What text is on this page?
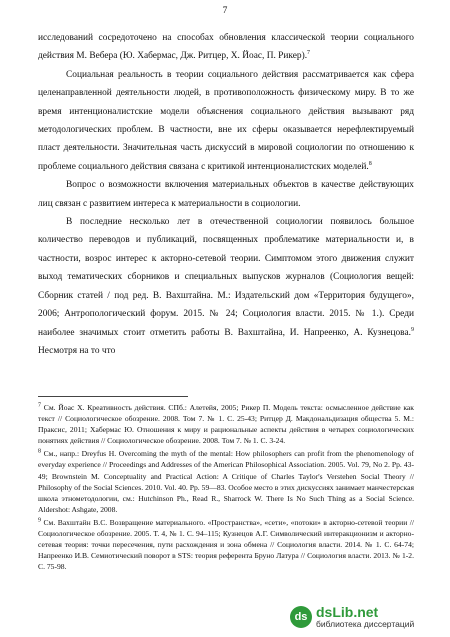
7

исследований сосредоточено на способах обновления классической теории социального действия М. Вебера (Ю. Хабермас, Дж. Ритцер, Х. Йоас, П. Рикер).$^7$

Социальная реальность в теории социального действия рассматривается как сфера целенаправленной деятельности людей, в противоположность физическому миру. В то же время интенционалистские модели объяснения социального действия вызывают ряд методологических проблем. В частности, вне их сферы оказывается нерефлектируемый пласт деятельности. Значительная часть дискуссий в мировой социологии по отношению к проблеме социального действия связана с критикой интенционалистских моделей.$^8$

Вопрос о возможности включения материальных объектов в качестве действующих лиц связан с развитием интереса к материальности в социологии.

В последние несколько лет в отечественной социологии появилось большое количество переводов и публикаций, посвященных проблематике материальности и, в частности, возрос интерес к акторно-сетевой теории. Симптомом этого движения служит выход тематических сборников и специальных выпусков журналов (Социология вещей: Сборник статей / под ред. В. Вахштайна. М.: Издательский дом «Территория будущего», 2006; Антропологический форум. 2015. № 24; Социология власти. 2015. № 1.). Среди наиболее значимых стоит отметить работы В. Вахштайна, И. Напреенко, А. Кузнецова.$^9$ Несмотря на то что

$^7$ См. Йоас Х. Креативность действия. СПб.: Алетейя, 2005; Рикер П. Модель текста: осмысленное действие как текст // Социологическое обозрение. 2008. Том 7. № 1. С. 25-43; Ритцер Д. Макдональдизация общества 5. М.: Праксис, 2011; Хабермас Ю. Отношения к миру и рациональные аспекты действия в четырех социологических понятиях действия // Социологическое обозрение. 2008. Том 7. № 1. С. 3-24.

$^8$ См., напр.: Dreyfus H. Overcoming the myth of the mental: How philosophers can profit from the phenomenology of everyday experience // Proceedings and Addresses of the American Philosophical Association. 2005. Vol. 79, No 2. Pp. 43-49; Brownstein M. Conceptuality and Practical Action: A Critique of Charles Taylor's Verstehen Social Theory // Philosophy of the Social Sciences. 2010. Vol. 40. Pp. 59—83. Особое место в этих дискуссиях занимает манчестерская школа этнометодологии, см.: Hutchinson Ph., Read R., Sharrock W. There Is No Such Thing as a Social Science. Aldershot: Ashgate, 2008.

$^9$ См. Вахштайн В.С. Возвращение материального. «Пространства», «сети», «потоки» в акторно-сетевой теории // Социологическое обозрение. 2005. Т. 4, № 1. С. 94–115; Кузнецов А.Г. Символический интеракционизм и акторно-сетевая теория: точки пересечения, пути расхождения и зона обмена // Социология власти. 2014. № 1. С. 64-74; Напреенко И.В. Семиотический поворот в STS: теория референта Бруно Латура // Социология власти. 2013. № 1-2. С. 75-98.

ds dsLib.net
библиотека диссертаций
